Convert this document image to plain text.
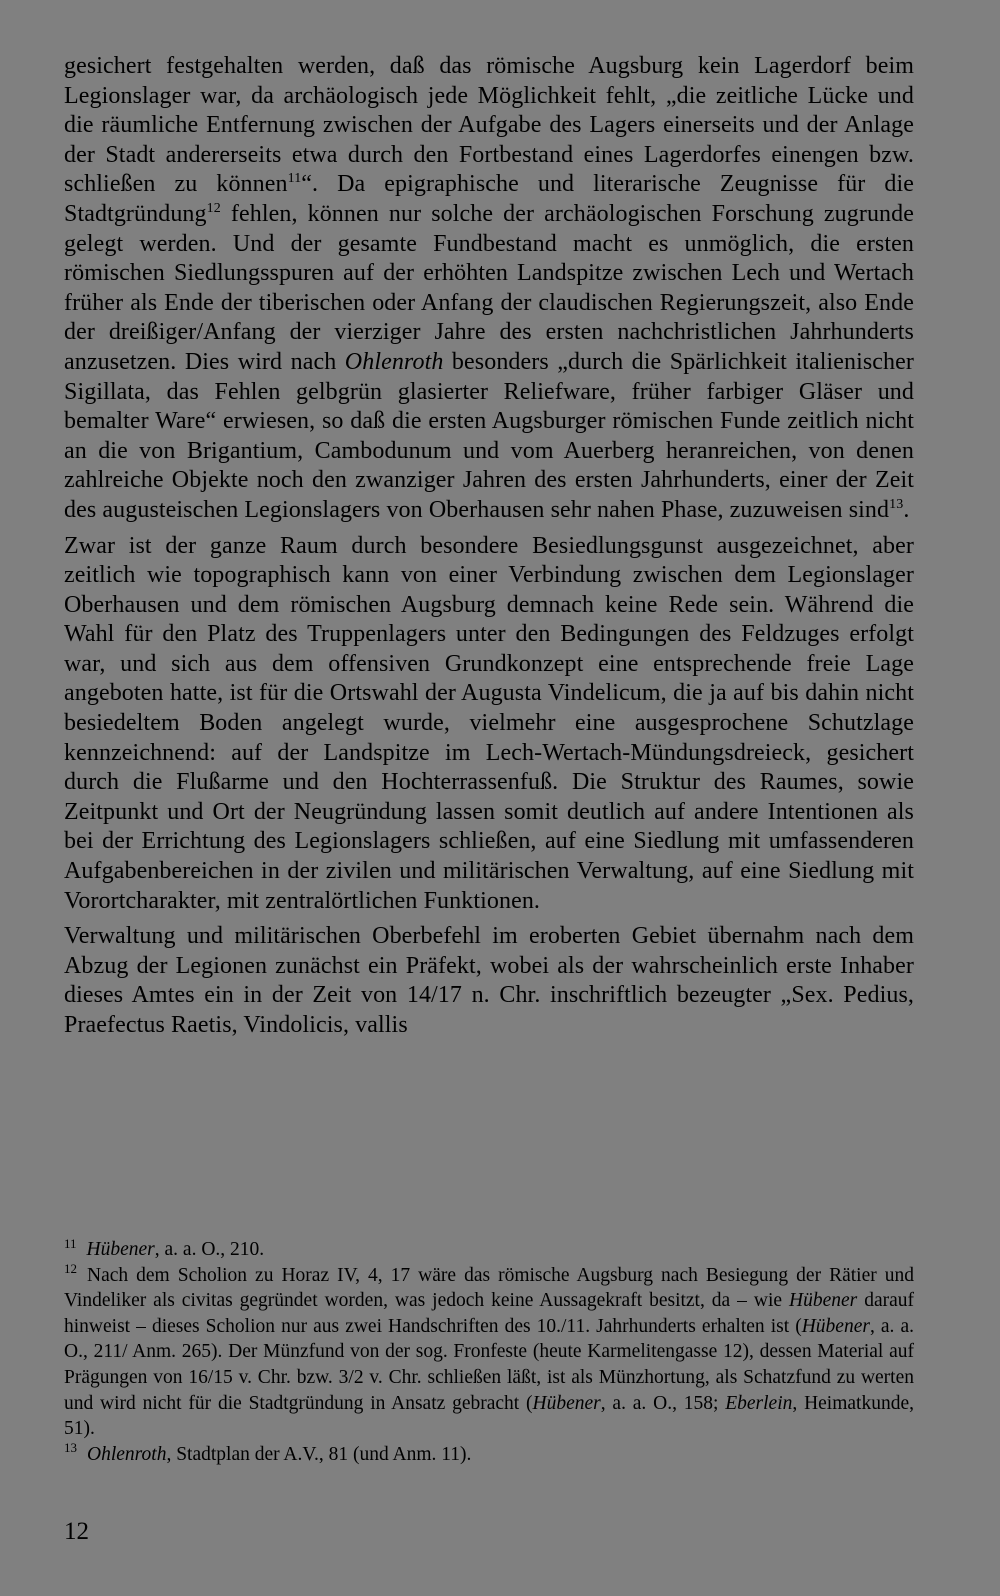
gesichert festgehalten werden, daß das römische Augsburg kein Lagerdorf beim Legionslager war, da archäologisch jede Möglichkeit fehlt, „die zeitliche Lücke und die räumliche Entfernung zwischen der Aufgabe des Lagers einerseits und der Anlage der Stadt andererseits etwa durch den Fortbestand eines Lagerdorfes einengen bzw. schließen zu können$^{11}$“. Da epigraphische und literarische Zeugnisse für die Stadtgründung$^{12}$ fehlen, können nur solche der archäologischen Forschung zugrunde gelegt werden. Und der gesamte Fundbestand macht es unmöglich, die ersten römischen Siedlungsspuren auf der erhöhten Landspitze zwischen Lech und Wertach früher als Ende der tiberischen oder Anfang der claudischen Regierungszeit, also Ende der dreißiger/Anfang der vierziger Jahre des ersten nachchristlichen Jahrhunderts anzusetzen. Dies wird nach Ohlenroth besonders „durch die Spärlichkeit italienischer Sigillata, das Fehlen gelbgrün glasierter Reliefware, früher farbiger Gläser und bemalter Ware“ erwiesen, so daß die ersten Augsburger römischen Funde zeitlich nicht an die von Brigantium, Cambodunum und vom Auerberg heranreichen, von denen zahlreiche Objekte noch den zwanziger Jahren des ersten Jahrhunderts, einer der Zeit des augusteischen Legionslagers von Oberhausen sehr nahen Phase, zuzuweisen sind$^{13}$.

Zwar ist der ganze Raum durch besondere Besiedlungsgunst ausgezeichnet, aber zeitlich wie topographisch kann von einer Verbindung zwischen dem Legionslager Oberhausen und dem römischen Augsburg demnach keine Rede sein. Während die Wahl für den Platz des Truppenlagers unter den Bedingungen des Feldzuges erfolgt war, und sich aus dem offensiven Grundkonzept eine entsprechende freie Lage angeboten hatte, ist für die Ortswahl der Augusta Vindelicum, die ja auf bis dahin nicht besiedeltem Boden angelegt wurde, vielmehr eine ausgesprochene Schutzlage kennzeichnend: auf der Landspitze im Lech-Wertach-Mündungsdreieck, gesichert durch die Flußarme und den Hochterrassenfuß. Die Struktur des Raumes, sowie Zeitpunkt und Ort der Neugründung lassen somit deutlich auf andere Intentionen als bei der Errichtung des Legionslagers schließen, auf eine Siedlung mit umfassenderen Aufgabenbereichen in der zivilen und militärischen Verwaltung, auf eine Siedlung mit Vorortcharakter, mit zentralörtlichen Funktionen.

Verwaltung und militärischen Oberbefehl im eroberten Gebiet übernahm nach dem Abzug der Legionen zunächst ein Präfekt, wobei als der wahrscheinlich erste Inhaber dieses Amtes ein in der Zeit von 14/17 n. Chr. inschriftlich bezeugter „Sex. Pedius, Praefectus Raetis, Vindolicis, vallis

$^{11}$ Hübener, a. a. O., 210.

$^{12}$ Nach dem Scholion zu Horaz IV, 4, 17 wäre das römische Augsburg nach Besiegung der Rätier und Vindeliker als civitas gegründet worden, was jedoch keine Aussagekraft besitzt, da – wie Hübener darauf hinweist – dieses Scholion nur aus zwei Handschriften des 10./11. Jahrhunderts erhalten ist (Hübener, a. a. O., 211/ Anm. 265). Der Münzfund von der sog. Fronfeste (heute Karmelitengasse 12), dessen Material auf Prägungen von 16/15 v. Chr. bzw. 3/2 v. Chr. schließen läßt, ist als Münzhortung, als Schatzfund zu werten und wird nicht für die Stadtgründung in Ansatz gebracht (Hübener, a. a. O., 158; Eberlein, Heimatkunde, 51).

$^{13}$ Ohlenroth, Stadtplan der A.V., 81 (und Anm. 11).

12
